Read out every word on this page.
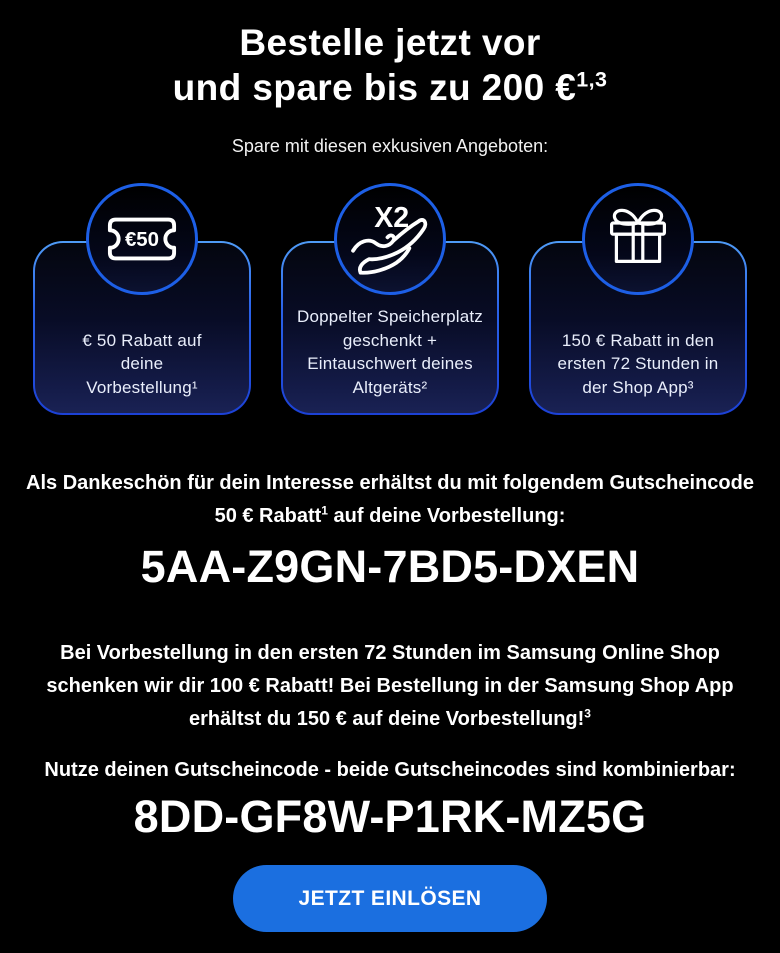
Bestelle jetzt vor
und spare bis zu 200 €$^{1,3}$

Spare mit diesen exkusiven Angeboten:

€50
€ 50 Rabatt auf
deine
Vorbestellung¹
X2
Doppelter Speicherplatz
geschenkt +
Eintauschwert deines
Altgeräts²
150 € Rabatt in den
ersten 72 Stunden in
der Shop App³

Als Dankeschön für dein Interesse erhältst du mit folgendem Gutscheincode
50 € Rabatt$^1$ auf deine Vorbestellung:

5AA-Z9GN-7BD5-DXEN

Bei Vorbestellung in den ersten 72 Stunden im Samsung Online Shop
schenken wir dir 100 € Rabatt! Bei Bestellung in der Samsung Shop App
erhältst du 150 € auf deine Vorbestellung!$^3$

Nutze deinen Gutscheincode - beide Gutscheincodes sind kombinierbar:

8DD-GF8W-P1RK-MZ5G
JETZT EINLÖSEN
